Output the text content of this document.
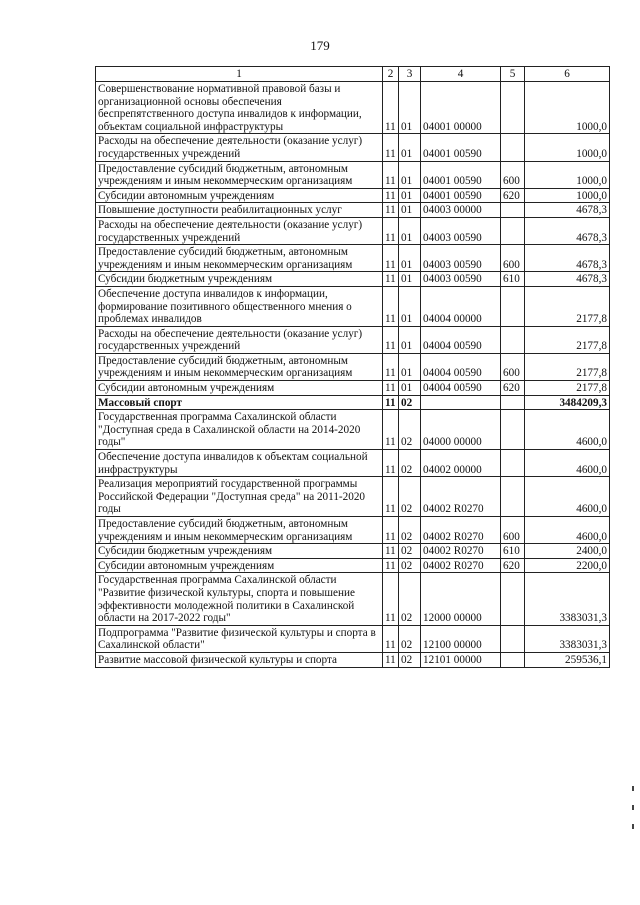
179
1	2	3	4	5	6
Совершенствование нормативной правовой базы и организационной основы обеспечения беспрепятственного доступа инвалидов к информации, объектам социальной инфраструктуры	11	01	04001 00000		1000,0
Расходы на обеспечение деятельности (оказание услуг) государственных учреждений	11	01	04001 00590		1000,0
Предоставление субсидий бюджетным, автономным учреждениям и иным некоммерческим организациям	11	01	04001 00590	600	1000,0
Субсидии автономным учреждениям	11	01	04001 00590	620	1000,0
Повышение доступности реабилитационных услуг	11	01	04003 00000		4678,3
Расходы на обеспечение деятельности (оказание услуг) государственных учреждений	11	01	04003 00590		4678,3
Предоставление субсидий бюджетным, автономным учреждениям и иным некоммерческим организациям	11	01	04003 00590	600	4678,3
Субсидии бюджетным учреждениям	11	01	04003 00590	610	4678,3
Обеспечение доступа инвалидов к информации, формирование позитивного общественного мнения о проблемах инвалидов	11	01	04004 00000		2177,8
Расходы на обеспечение деятельности (оказание услуг) государственных учреждений	11	01	04004 00590		2177,8
Предоставление субсидий бюджетным, автономным учреждениям и иным некоммерческим организациям	11	01	04004 00590	600	2177,8
Субсидии автономным учреждениям	11	01	04004 00590	620	2177,8
Массовый спорт	11	02			3484209,3
Государственная программа Сахалинской области "Доступная среда в Сахалинской области на 2014-2020 годы"	11	02	04000 00000		4600,0
Обеспечение доступа инвалидов к объектам социальной инфраструктуры	11	02	04002 00000		4600,0
Реализация мероприятий государственной программы Российской Федерации "Доступная среда" на 2011-2020 годы	11	02	04002 R0270		4600,0
Предоставление субсидий бюджетным, автономным учреждениям и иным некоммерческим организациям	11	02	04002 R0270	600	4600,0
Субсидии бюджетным учреждениям	11	02	04002 R0270	610	2400,0
Субсидии автономным учреждениям	11	02	04002 R0270	620	2200,0
Государственная программа Сахалинской области "Развитие физической культуры, спорта и повышение эффективности молодежной политики в Сахалинской области на 2017-2022 годы"	11	02	12000 00000		3383031,3
Подпрограмма "Развитие физической культуры и спорта в Сахалинской области"	11	02	12100 00000		3383031,3
Развитие массовой физической культуры и спорта	11	02	12101 00000		259536,1
